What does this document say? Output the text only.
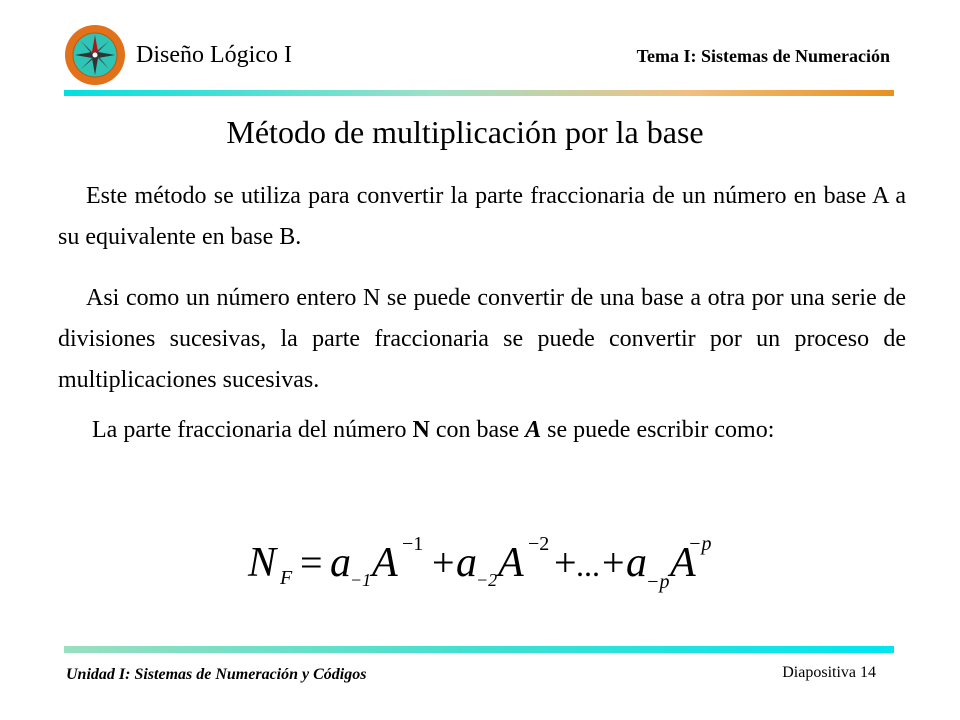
Diseño Lógico I	Tema I: Sistemas de Numeración
Método de multiplicación por la base

Este método se utiliza para convertir la parte fraccionaria de un número en base A a su equivalente en base B.

Asi como un número entero N se puede convertir de una base a otra por una serie de divisiones sucesivas, la parte fraccionaria se puede convertir por un proceso de multiplicaciones sucesivas.

La parte fraccionaria del número N con base A se puede escribir como:

N F = a −1 A −1 + a −2 A −2 + ... + a −p A
−p
Unidad I: Sistemas de Numeración y Códigos	Diapositiva 14
